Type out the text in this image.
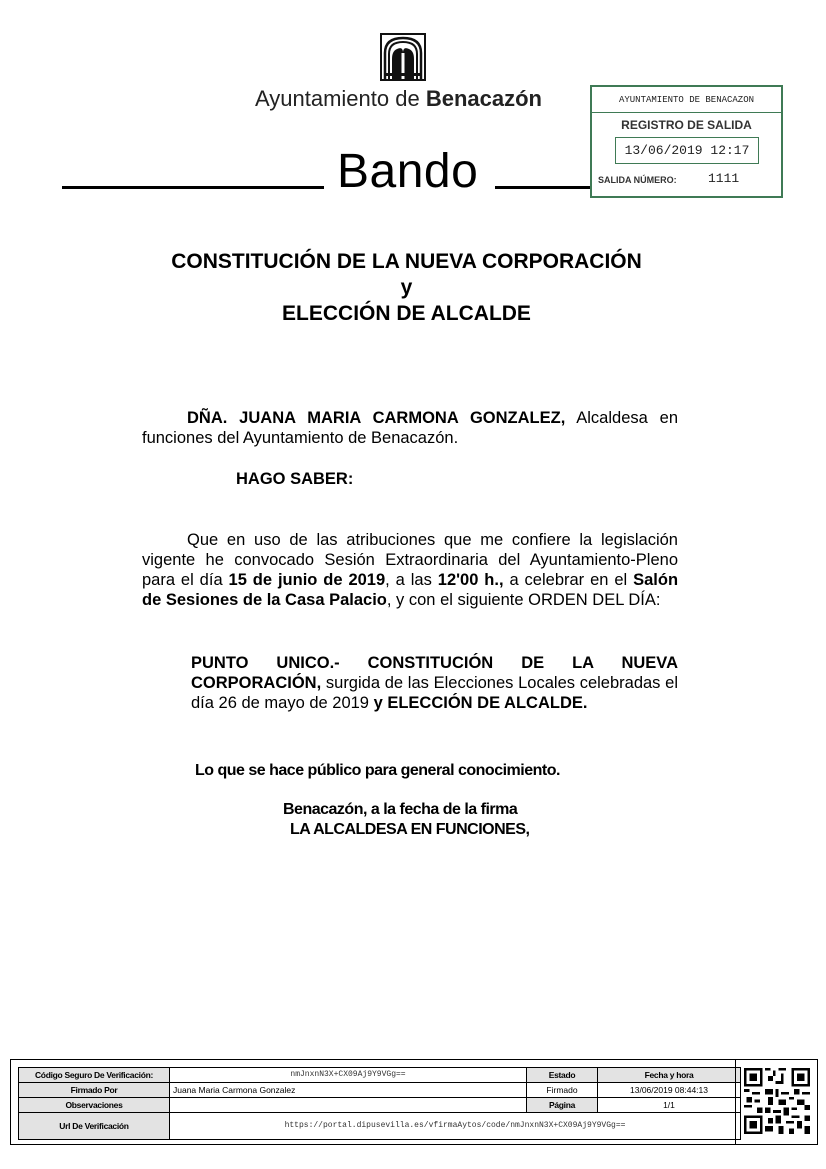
Ayuntamiento de Benacazón
Bando
AYUNTAMIENTO DE BENACAZON
REGISTRO DE SALIDA
13/06/2019 12:17
SALIDA NÚMERO: 1111
CONSTITUCIÓN DE LA NUEVA CORPORACIÓN
y
ELECCIÓN DE ALCALDE
DÑA. JUANA MARIA CARMONA GONZALEZ, Alcaldesa en funciones del Ayuntamiento de Benacazón.
HAGO SABER:
Que en uso de las atribuciones que me confiere la legislación vigente he convocado Sesión Extraordinaria del Ayuntamiento-Pleno para el día 15 de junio de 2019, a las 12'00 h., a celebrar en el Salón de Sesiones de la Casa Palacio, y con el siguiente ORDEN DEL DÍA:
PUNTO UNICO.- CONSTITUCIÓN DE LA NUEVA CORPORACIÓN, surgida de las Elecciones Locales celebradas el día 26 de mayo de 2019 y ELECCIÓN DE ALCALDE.
Lo que se hace público para general conocimiento.
Benacazón, a la fecha de la firma
LA ALCALDESA EN FUNCIONES,
Código Seguro De Verificación:	nmJnxnN3X+CX09Aj9Y9VGg==	Estado	Fecha y hora
Firmado Por	Juana Maria Carmona Gonzalez	Firmado	13/06/2019 08:44:13
Observaciones		Página	1/1
Url De Verificación	https://portal.dipusevilla.es/vfirmaAytos/code/nmJnxnN3X+CX09Aj9Y9VGg==		
